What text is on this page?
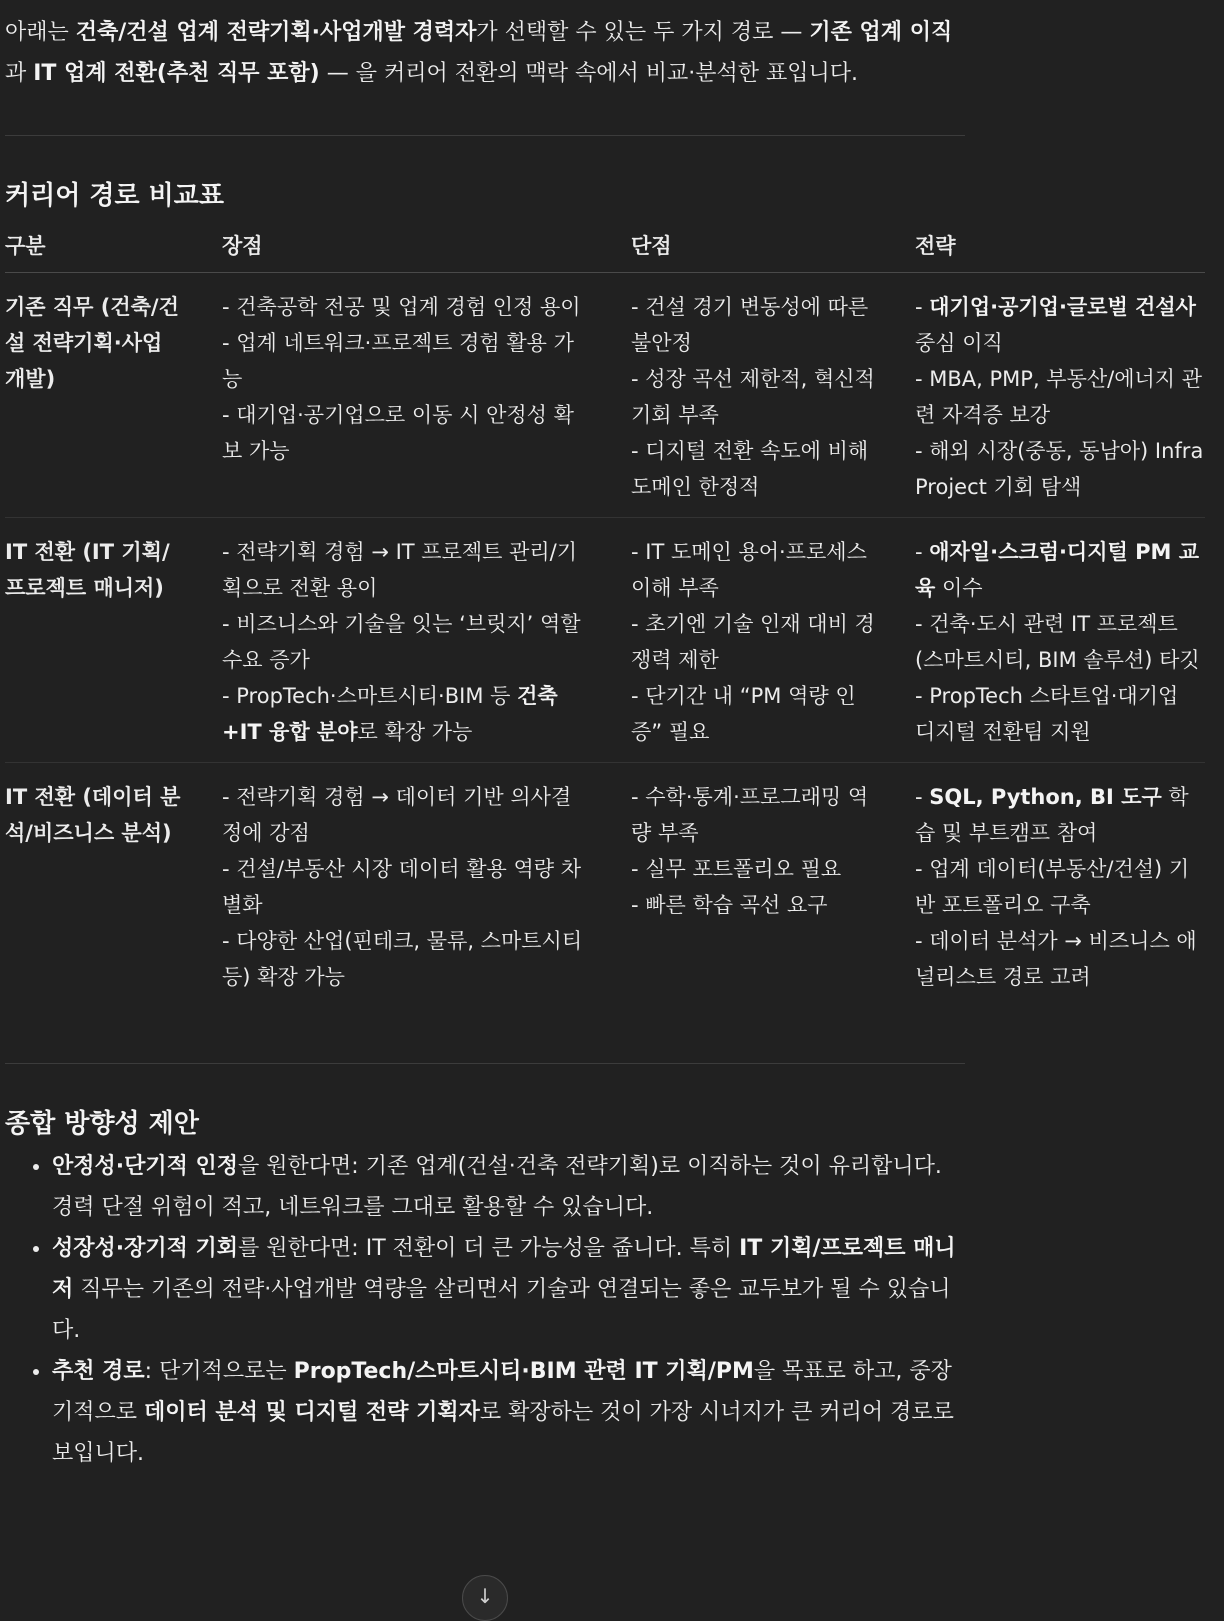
아래는 건축/건설 업계 전략기획·사업개발 경력자가 선택할 수 있는 두 가지 경로 — 기존 업계 이직과 IT 업계 전환(추천 직무 포함) — 을 커리어 전환의 맥락 속에서 비교·분석한 표입니다.

커리어 경로 비교표
구분	장점	단점	전략
기존 직무 (건축/건설 전략기획·사업개발)	- 건축공학 전공 및 업계 경험 인정 용이
- 업계 네트워크·프로젝트 경험 활용 가능
- 대기업·공기업으로 이동 시 안정성 확보 가능	- 건설 경기 변동성에 따른 불안정
- 성장 곡선 제한적, 혁신적 기회 부족
- 디지털 전환 속도에 비해 도메인 한정적	- 대기업·공기업·글로벌 건설사 중심 이직
- MBA, PMP, 부동산/에너지 관련 자격증 보강
- 해외 시장(중동, 동남아) Infra Project 기회 탐색

IT 전환 (IT 기획/프로젝트 매니저)	- 전략기획 경험 → IT 프로젝트 관리/기획으로 전환 용이
- 비즈니스와 기술을 잇는 ‘브릿지’ 역할 수요 증가
- PropTech·스마트시티·BIM 등 건축+IT 융합 분야로 확장 가능	- IT 도메인 용어·프로세스 이해 부족
- 초기엔 기술 인재 대비 경쟁력 제한
- 단기간 내 “PM 역량 인증” 필요	- 애자일·스크럼·디지털 PM 교육 이수
- 건축·도시 관련 IT 프로젝트(스마트시티, BIM 솔루션) 타깃
- PropTech 스타트업·대기업 디지털 전환팀 지원

IT 전환 (데이터 분석/비즈니스 분석)	- 전략기획 경험 → 데이터 기반 의사결정에 강점
- 건설/부동산 시장 데이터 활용 역량 차별화
- 다양한 산업(핀테크, 물류, 스마트시티 등) 확장 가능	- 수학·통계·프로그래밍 역량 부족
- 실무 포트폴리오 필요
- 빠른 학습 곡선 요구	- SQL, Python, BI 도구 학습 및 부트캠프 참여
- 업계 데이터(부동산/건설) 기반 포트폴리오 구축
- 데이터 분석가 → 비즈니스 애널리스트 경로 고려
종합 방향성 제안
• 안정성·단기적 인정을 원한다면: 기존 업계(건설·건축 전략기획)로 이직하는 것이 유리합니다. 경력 단절 위험이 적고, 네트워크를 그대로 활용할 수 있습니다.
• 성장성·장기적 기회를 원한다면: IT 전환이 더 큰 가능성을 줍니다. 특히 IT 기획/프로젝트 매니저 직무는 기존의 전략·사업개발 역량을 살리면서 기술과 연결되는 좋은 교두보가 될 수 있습니다.
• 추천 경로: 단기적으로는 PropTech/스마트시티·BIM 관련 IT 기획/PM을 목표로 하고, 중장기적으로 데이터 분석 및 디지털 전략 기획자로 확장하는 것이 가장 시너지가 큰 커리어 경로로 보입니다.
↓
